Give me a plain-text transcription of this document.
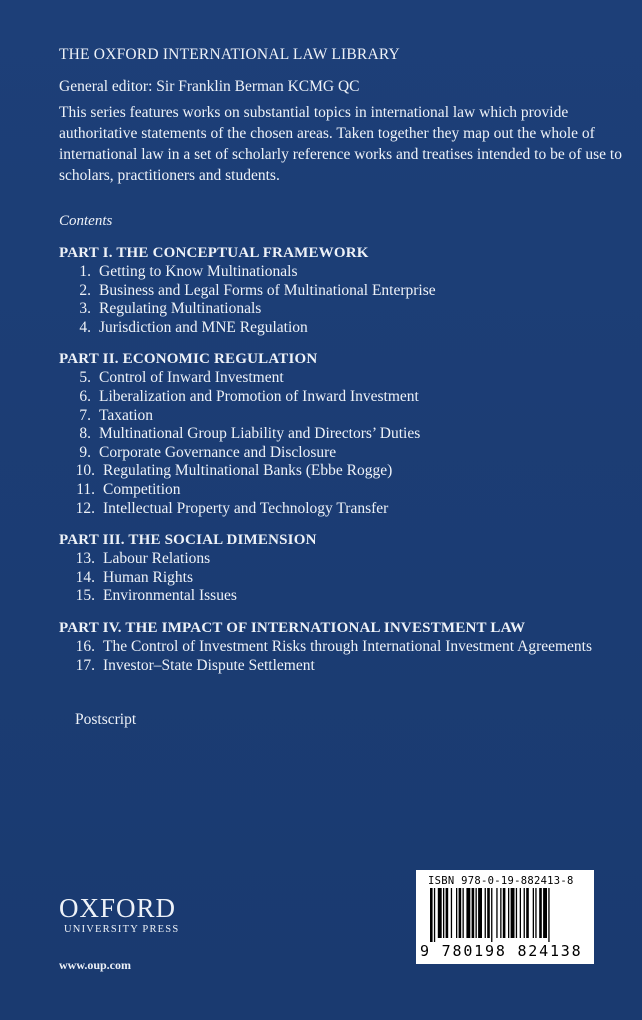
THE OXFORD INTERNATIONAL LAW LIBRARY
General editor: Sir Franklin Berman KCMG QC
This series features works on substantial topics in international law which provide authoritative statements of the chosen areas. Taken together they map out the whole of international law in a set of scholarly reference works and treatises intended to be of use to scholars, practitioners and students.
Contents
PART I. THE CONCEPTUAL FRAMEWORK
1. Getting to Know Multinationals
2. Business and Legal Forms of Multinational Enterprise
3. Regulating Multinationals
4. Jurisdiction and MNE Regulation
PART II. ECONOMIC REGULATION
5. Control of Inward Investment
6. Liberalization and Promotion of Inward Investment
7. Taxation
8. Multinational Group Liability and Directors’ Duties
9. Corporate Governance and Disclosure
10. Regulating Multinational Banks (Ebbe Rogge)
11. Competition
12. Intellectual Property and Technology Transfer
PART III. THE SOCIAL DIMENSION
13. Labour Relations
14. Human Rights
15. Environmental Issues
PART IV. THE IMPACT OF INTERNATIONAL INVESTMENT LAW
16. The Control of Investment Risks through International Investment Agreements
17. Investor–State Dispute Settlement
Postscript
OXFORD
UNIVERSITY PRESS
www.oup.com
ISBN 978-0-19-882413-8
9 780198 824138
